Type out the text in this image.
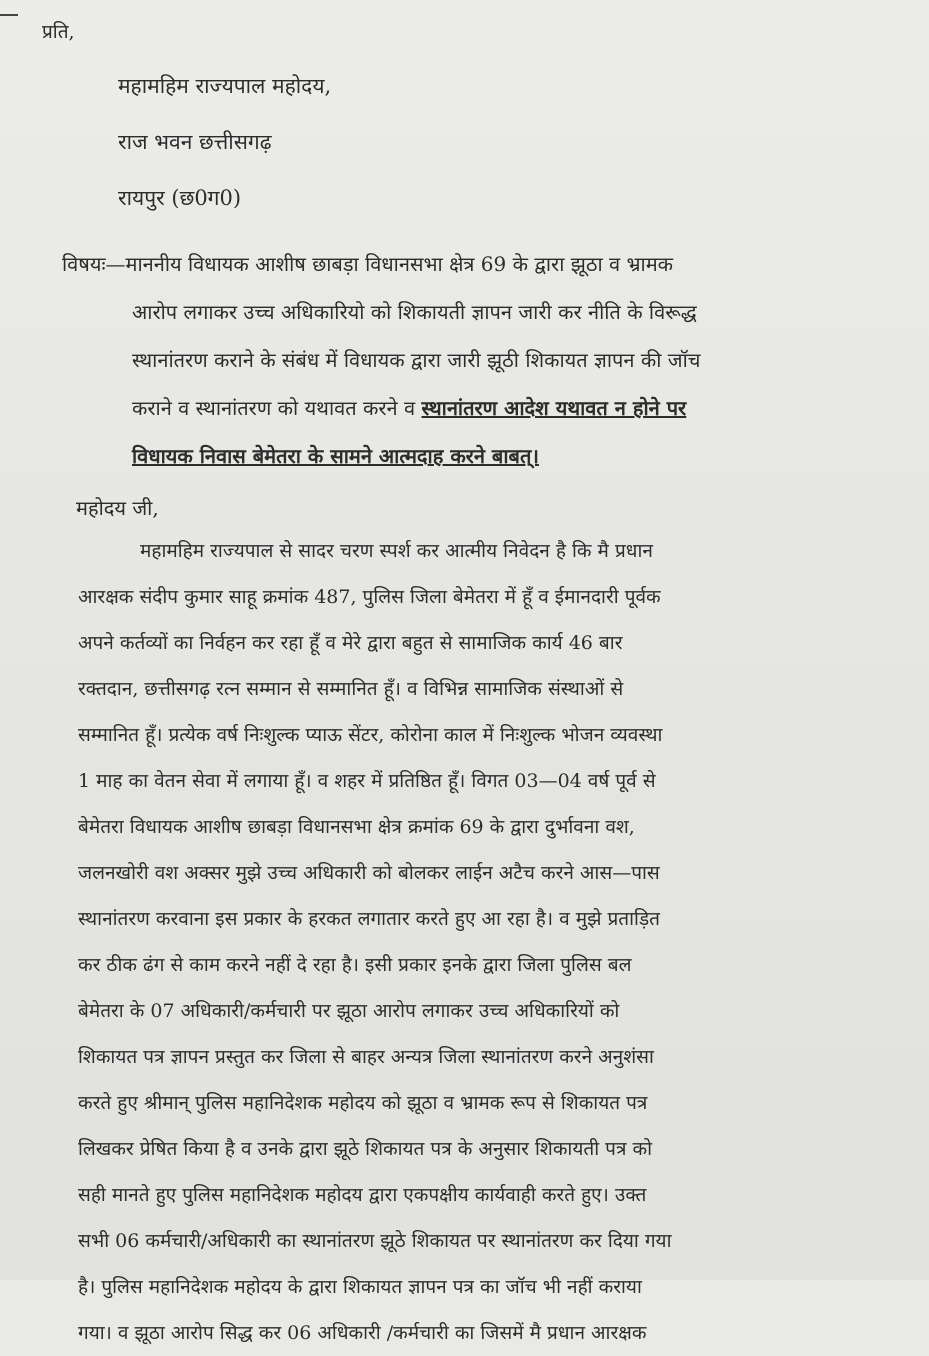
प्रति,
महामहिम राज्यपाल महोदय,
राज भवन छत्तीसगढ़
रायपुर (छ0ग0)
विषयः—माननीय विधायक आशीष छाबड़ा विधानसभा क्षेत्र 69 के द्वारा झूठा व भ्रामक
आरोप लगाकर उच्च अधिकारियो को शिकायती ज्ञापन जारी कर नीति के विरूद्ध
स्थानांतरण कराने के संबंध में विधायक द्वारा जारी झूठी शिकायत ज्ञापन की जॉच
कराने व स्थानांतरण को यथावत करने व स्थानांतरण आदेश यथावत न होने पर
विधायक निवास बेमेतरा के सामने आत्मदाह करने बाबत्।
महोदय जी,
महामहिम राज्यपाल से सादर चरण स्पर्श कर आत्मीय निवेदन है कि मै प्रधान
आरक्षक संदीप कुमार साहू क्रमांक 487, पुलिस जिला बेमेतरा में हूँ व ईमानदारी पूर्वक
अपने कर्तव्यों का निर्वहन कर रहा हूँ व मेरे द्वारा बहुत से सामाजिक कार्य 46 बार
रक्तदान, छत्तीसगढ़ रत्न सम्मान से सम्मानित हूँ। व विभिन्न सामाजिक संस्थाओं से
सम्मानित हूँ। प्रत्येक वर्ष निःशुल्क प्याऊ सेंटर, कोरोना काल में निःशुल्क भोजन व्यवस्था
1 माह का वेतन सेवा में लगाया हूँ। व शहर में प्रतिष्ठित हूँ। विगत 03—04 वर्ष पूर्व से
बेमेतरा विधायक आशीष छाबड़ा विधानसभा क्षेत्र क्रमांक 69 के द्वारा दुर्भावना वश,
जलनखोरी वश अक्सर मुझे उच्च अधिकारी को बोलकर लाईन अटैच करने आस—पास
स्थानांतरण करवाना इस प्रकार के हरकत लगातार करते हुए आ रहा है। व मुझे प्रताड़ित
कर ठीक ढंग से काम करने नहीं दे रहा है। इसी प्रकार इनके द्वारा जिला पुलिस बल
बेमेतरा के 07 अधिकारी/कर्मचारी पर झूठा आरोप लगाकर उच्च अधिकारियों को
शिकायत पत्र ज्ञापन प्रस्तुत कर जिला से बाहर अन्यत्र जिला स्थानांतरण करने अनुशंसा
करते हुए श्रीमान् पुलिस महानिदेशक महोदय को झूठा व भ्रामक रूप से शिकायत पत्र
लिखकर प्रेषित किया है व उनके द्वारा झूठे शिकायत पत्र के अनुसार शिकायती पत्र को
सही मानते हुए पुलिस महानिदेशक महोदय द्वारा एकपक्षीय कार्यवाही करते हुए। उक्त
सभी 06 कर्मचारी/अधिकारी का स्थानांतरण झूठे शिकायत पर स्थानांतरण कर दिया गया
है। पुलिस महानिदेशक महोदय के द्वारा शिकायत ज्ञापन पत्र का जॉच भी नहीं कराया
गया। व झूठा आरोप सिद्ध कर 06 अधिकारी /कर्मचारी का जिसमें मै प्रधान आरक्षक
